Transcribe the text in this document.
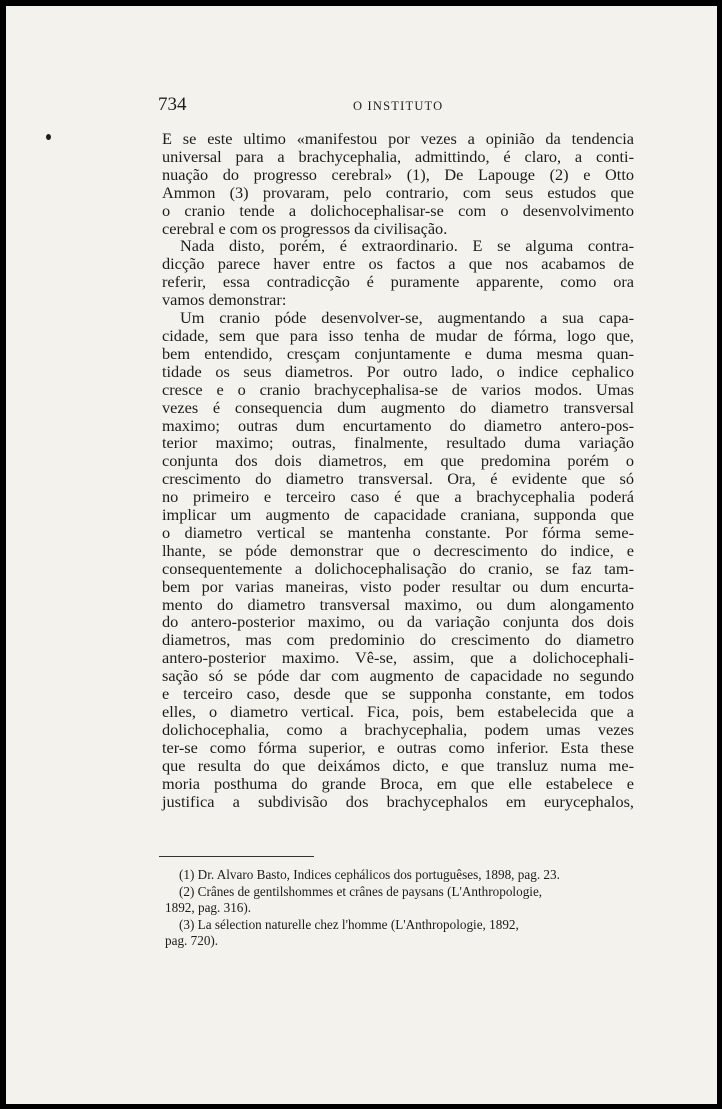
734	O INSTITUTO

E se este ultimo «manifestou por vezes a opinião da tendencia

universal para a brachycephalia, admittindo, é claro, a conti-

nuação do progresso cerebral» (1), De Lapouge (2) e Otto

Ammon (3) provaram, pelo contrario, com seus estudos que

o cranio tende a dolichocephalisar-se com o desenvolvimento

cerebral e com os progressos da civilisação.

Nada disto, porém, é extraordinario. E se alguma contra-

dicção parece haver entre os factos a que nos acabamos de

referir, essa contradicção é puramente apparente, como ora

vamos demonstrar:

Um cranio póde desenvolver-se, augmentando a sua capa-

cidade, sem que para isso tenha de mudar de fórma, logo que,

bem entendido, cresçam conjuntamente e duma mesma quan-

tidade os seus diametros. Por outro lado, o indice cephalico

cresce e o cranio brachycephalisa-se de varios modos. Umas

vezes é consequencia dum augmento do diametro transversal

maximo; outras dum encurtamento do diametro antero-pos-

terior maximo; outras, finalmente, resultado duma variação

conjunta dos dois diametros, em que predomina porém o

crescimento do diametro transversal. Ora, é evidente que só

no primeiro e terceiro caso é que a brachycephalia poderá

implicar um augmento de capacidade craniana, supponda que

o diametro vertical se mantenha constante. Por fórma seme-

lhante, se póde demonstrar que o decrescimento do indice, e

consequentemente a dolichocephalisação do cranio, se faz tam-

bem por varias maneiras, visto poder resultar ou dum encurta-

mento do diametro transversal maximo, ou dum alongamento

do antero-posterior maximo, ou da variação conjunta dos dois

diametros, mas com predominio do crescimento do diametro

antero-posterior maximo. Vê-se, assim, que a dolichocephali-

sação só se póde dar com augmento de capacidade no segundo

e terceiro caso, desde que se supponha constante, em todos

elles, o diametro vertical. Fica, pois, bem estabelecida que a

dolichocephalia, como a brachycephalia, podem umas vezes

ter-se como fórma superior, e outras como inferior. Esta these

que resulta do que deixámos dicto, e que transluz numa me-

moria posthuma do grande Broca, em que elle estabelece e

justifica a subdivisão dos brachycephalos em eurycephalos,

(1) Dr. Alvaro Basto, Indices cephálicos dos portuguêses, 1898, pag. 23.

(2) Crânes de gentilshommes et crânes de paysans (L'Anthropologie,

1892, pag. 316).

(3) La sélection naturelle chez l'homme (L'Anthropologie, 1892,

pag. 720).
